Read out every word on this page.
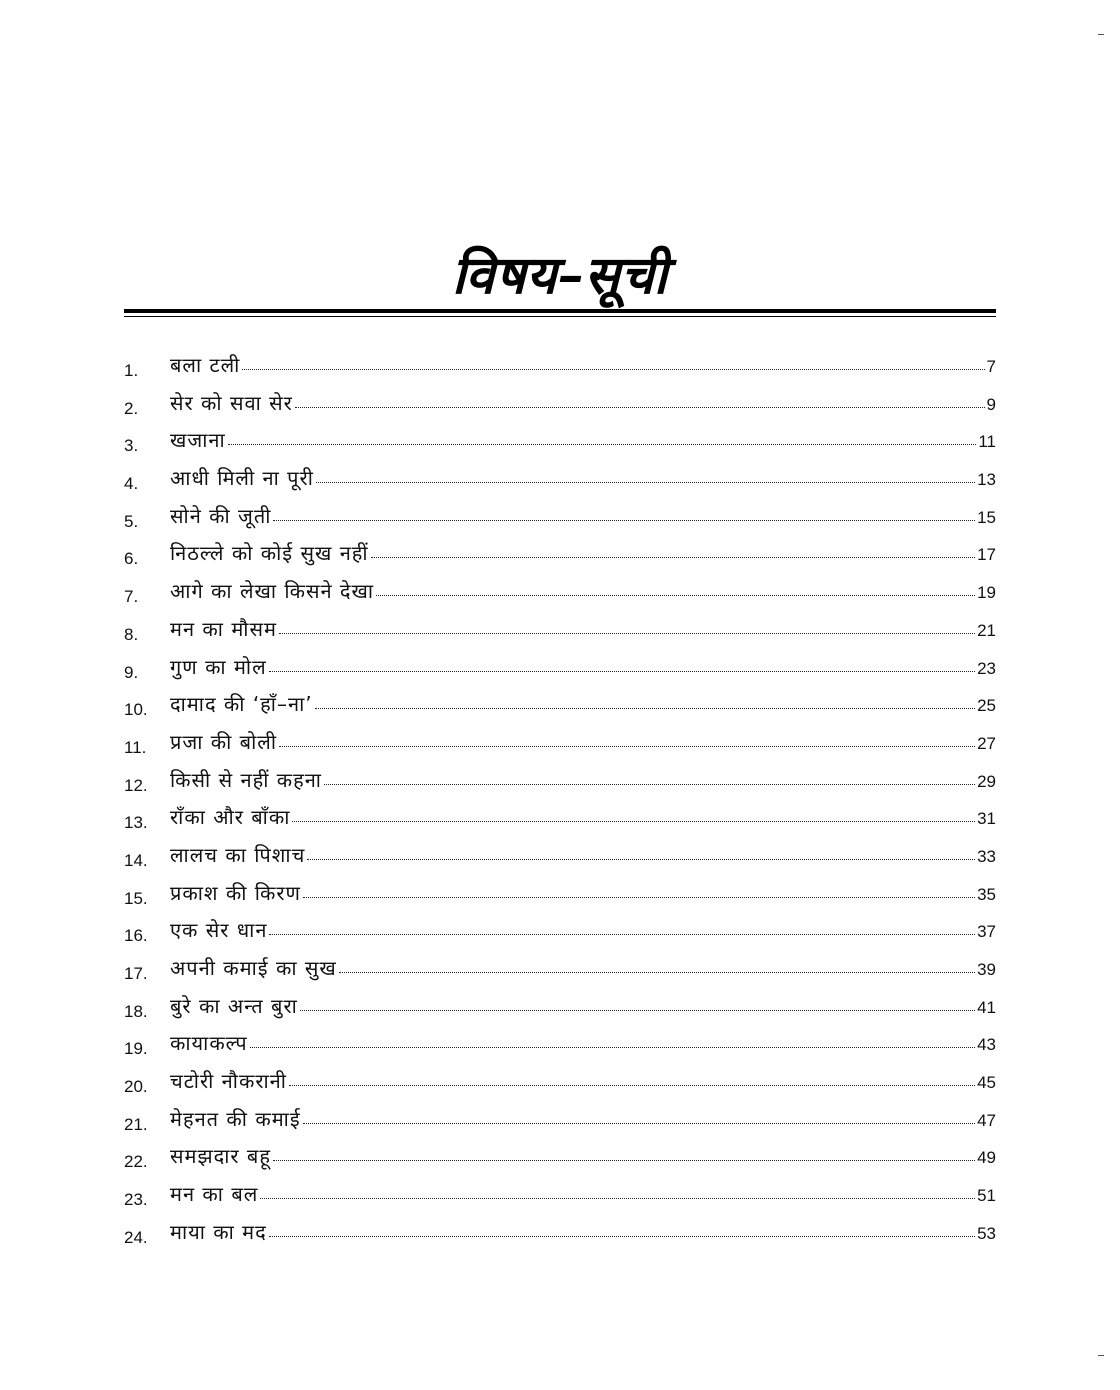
विषय–सूची
1.	बला टली	7
2.	सेर को सवा सेर	9
3.	खजाना	11
4.	आधी मिली ना पूरी	13
5.	सोने की जूती	15
6.	निठल्ले को कोई सुख नहीं	17
7.	आगे का लेखा किसने देखा	19
8.	मन का मौसम	21
9.	गुण का मोल	23
10.	दामाद की ‘हाँ–ना’	25
11.	प्रजा की बोली	27
12.	किसी से नहीं कहना	29
13.	राँका और बाँका	31
14.	लालच का पिशाच	33
15.	प्रकाश की किरण	35
16.	एक सेर धान	37
17.	अपनी कमाई का सुख	39
18.	बुरे का अन्त बुरा	41
19.	कायाकल्प	43
20.	चटोरी नौकरानी	45
21.	मेहनत की कमाई	47
22.	समझदार बहू	49
23.	मन का बल	51
24.	माया का मद	53
